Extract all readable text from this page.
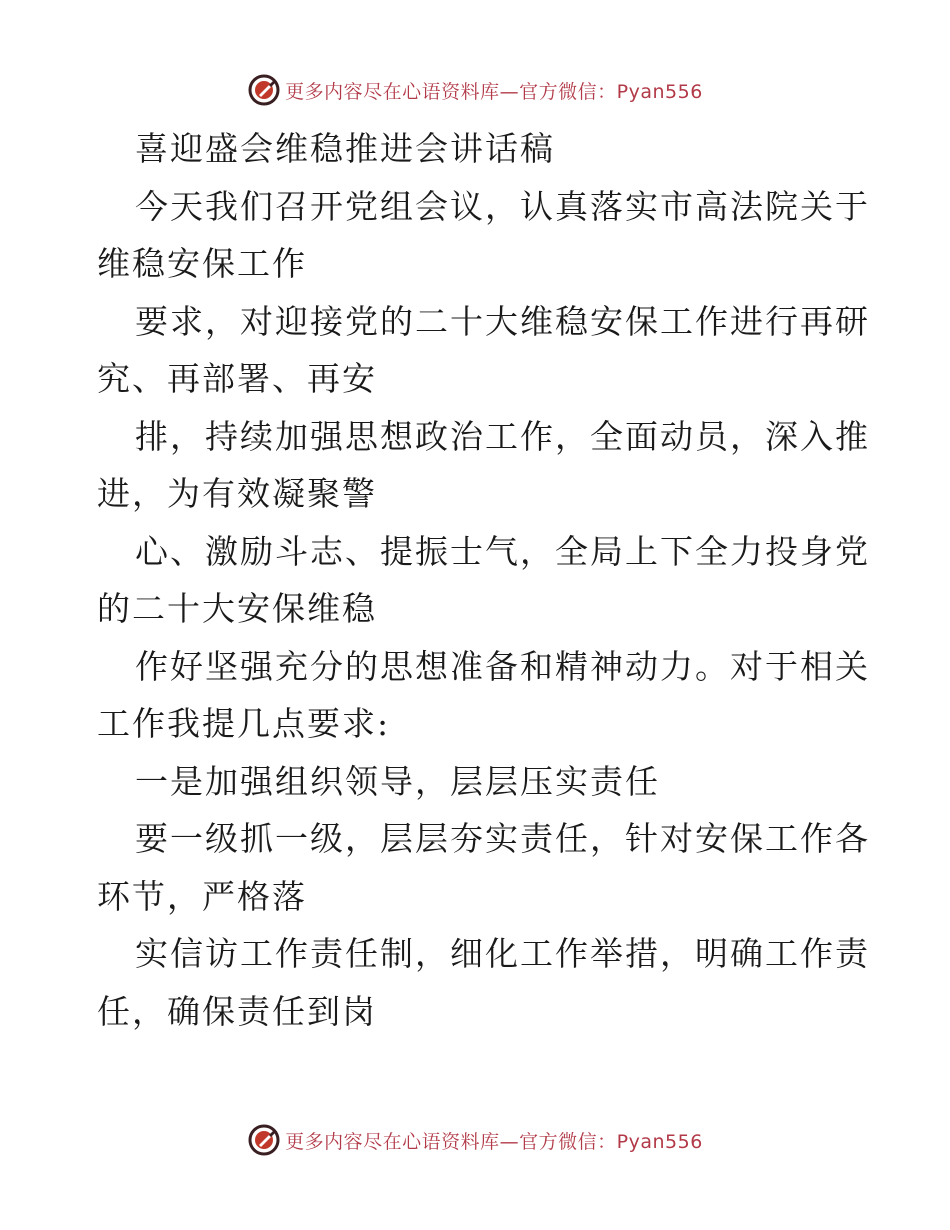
更多内容尽在心语资料库—官方微信：Pyan556
喜迎盛会维稳推进会讲话稿
今天我们召开党组会议，认真落实市高法院关于
维稳安保工作
要求，对迎接党的二十大维稳安保工作进行再研
究、再部署、再安
排，持续加强思想政治工作，全面动员，深入推
进，为有效凝聚警
心、激励斗志、提振士气，全局上下全力投身党
的二十大安保维稳
作好坚强充分的思想准备和精神动力。对于相关
工作我提几点要求:
一是加强组织领导，层层压实责任
要一级抓一级，层层夯实责任，针对安保工作各
环节，严格落
实信访工作责任制，细化工作举措，明确工作责
任，确保责任到岗
更多内容尽在心语资料库—官方微信：Pyan556
